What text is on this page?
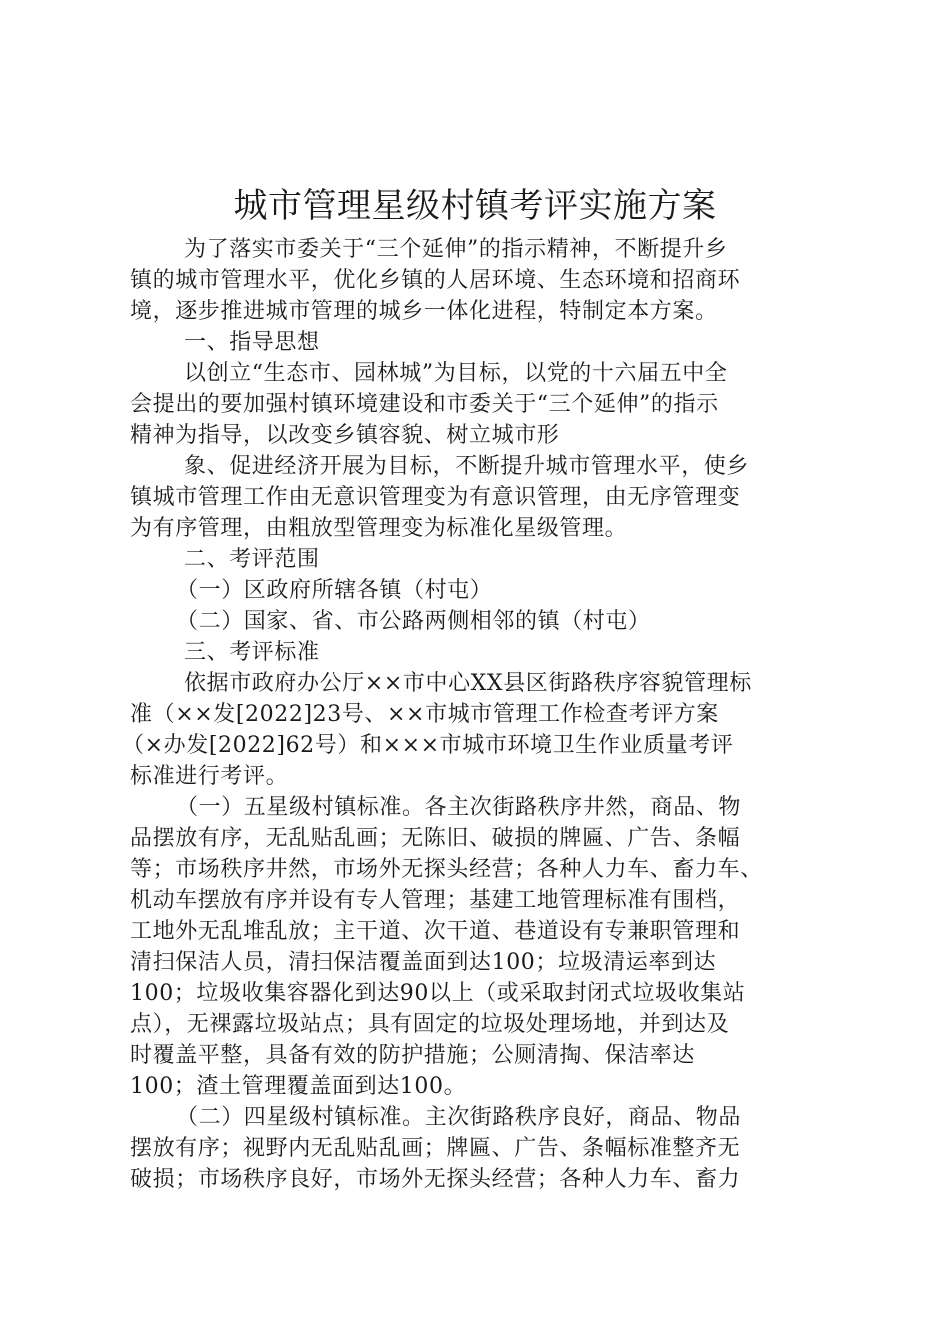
城市管理星级村镇考评实施方案
为了落实市委关于“三个延伸”的指示精神，不断提升乡
镇的城市管理水平，优化乡镇的人居环境、生态环境和招商环
境，逐步推进城市管理的城乡一体化进程，特制定本方案。
一、指导思想
以创立“生态市、园林城”为目标，以党的十六届五中全
会提出的要加强村镇环境建设和市委关于“三个延伸”的指示
精神为指导，以改变乡镇容貌、树立城市形
象、促进经济开展为目标，不断提升城市管理水平，使乡
镇城市管理工作由无意识管理变为有意识管理，由无序管理变
为有序管理，由粗放型管理变为标准化星级管理。
二、考评范围
（一）区政府所辖各镇（村屯）
（二）国家、省、市公路两侧相邻的镇（村屯）
三、考评标准
依据市政府办公厅××市中心XX县区街路秩序容貌管理标
准（××发[2022]23号、××市城市管理工作检查考评方案
（×办发[2022]62号）和×××市城市环境卫生作业质量考评
标准进行考评。
（一）五星级村镇标准。各主次街路秩序井然，商品、物
品摆放有序，无乱贴乱画；无陈旧、破损的牌匾、广告、条幅
等；市场秩序井然，市场外无探头经营；各种人力车、畜力车、
机动车摆放有序并设有专人管理；基建工地管理标准有围档，
工地外无乱堆乱放；主干道、次干道、巷道设有专兼职管理和
清扫保洁人员，清扫保洁覆盖面到达100；垃圾清运率到达
100；垃圾收集容器化到达90以上（或采取封闭式垃圾收集站
点），无裸露垃圾站点；具有固定的垃圾处理场地，并到达及
时覆盖平整，具备有效的防护措施；公厕清掏、保洁率达
100；渣土管理覆盖面到达100。
（二）四星级村镇标准。主次街路秩序良好，商品、物品
摆放有序；视野内无乱贴乱画；牌匾、广告、条幅标准整齐无
破损；市场秩序良好，市场外无探头经营；各种人力车、畜力
